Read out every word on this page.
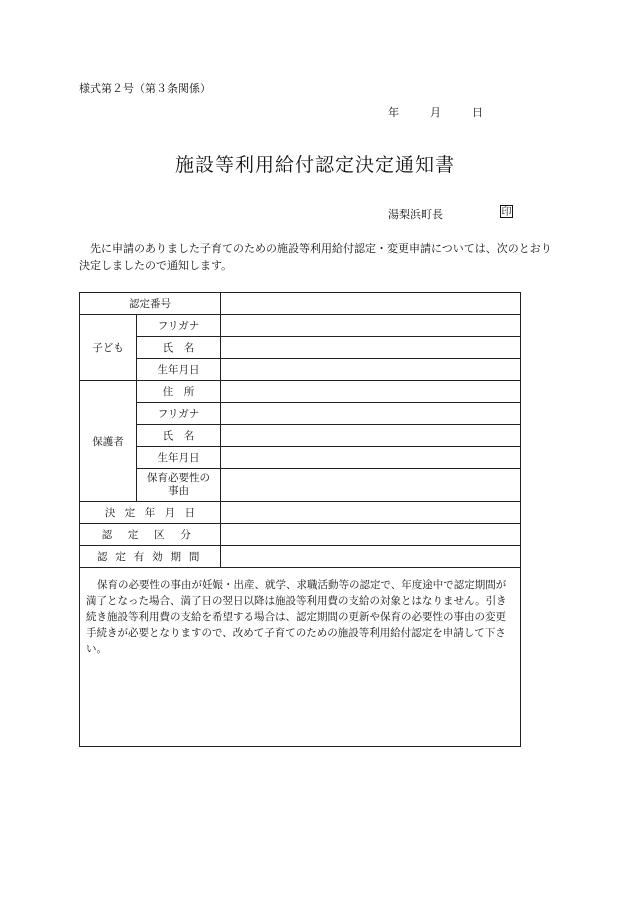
様式第２号（第３条関係）
年	月	日
施設等利用給付認定決定通知書
湯梨浜町長	印

先に申請のありました子育てのための施設等利用給付認定・変更申請については、次のとおり決定しましたので通知します。

認定番号		
子ども	フリガナ	
	氏　名	
	生年月日	
保護者	住　所	
	フリガナ	
	氏　名	
	生年月日	
	保育必要性の事由	
決定年月日		
認定区分		
認定有効期間		

保育の必要性の事由が妊娠・出産、就学、求職活動等の認定で、年度途中で認定期間が満了となった場合、満了日の翌日以降は施設等利用費の支給の対象とはなりません。引き続き施設等利用費の支給を希望する場合は、認定期間の更新や保育の必要性の事由の変更手続きが必要となりますので、改めて子育てのための施設等利用給付認定を申請して下さい。		
